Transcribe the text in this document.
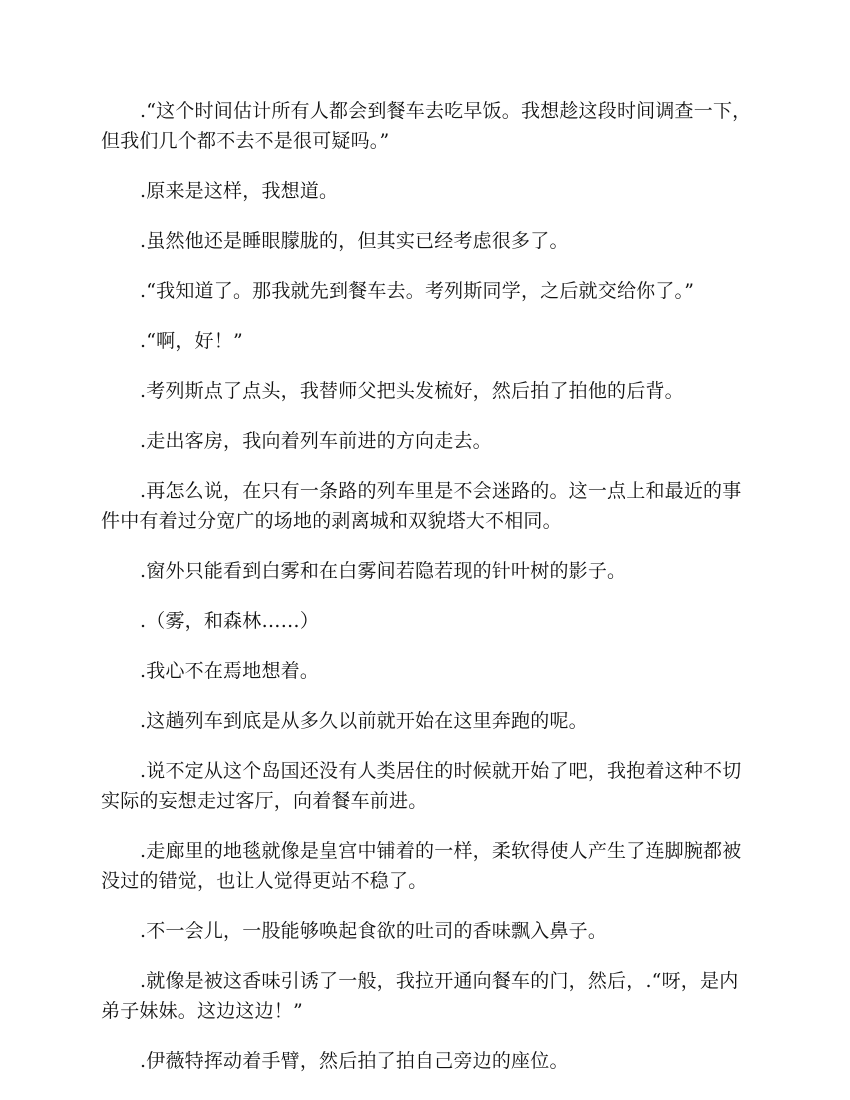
.“这个时间估计所有人都会到餐车去吃早饭。我想趁这段时间调查一下，但我们几个都不去不是很可疑吗。”

.原来是这样，我想道。

.虽然他还是睡眼朦胧的，但其实已经考虑很多了。

.“我知道了。那我就先到餐车去。考列斯同学，之后就交给你了。”

.“啊，好！”

.考列斯点了点头，我替师父把头发梳好，然后拍了拍他的后背。

.走出客房，我向着列车前进的方向走去。

.再怎么说，在只有一条路的列车里是不会迷路的。这一点上和最近的事件中有着过分宽广的场地的剥离城和双貌塔大不相同。

.窗外只能看到白雾和在白雾间若隐若现的针叶树的影子。

.（雾，和森林……）

.我心不在焉地想着。

.这趟列车到底是从多久以前就开始在这里奔跑的呢。

.说不定从这个岛国还没有人类居住的时候就开始了吧，我抱着这种不切实际的妄想走过客厅，向着餐车前进。

.走廊里的地毯就像是皇宫中铺着的一样，柔软得使人产生了连脚腕都被没过的错觉，也让人觉得更站不稳了。

.不一会儿，一股能够唤起食欲的吐司的香味飘入鼻子。

.就像是被这香味引诱了一般，我拉开通向餐车的门，然后，.“呀，是内弟子妹妹。这边这边！”

.伊薇特挥动着手臂，然后拍了拍自己旁边的座位。
